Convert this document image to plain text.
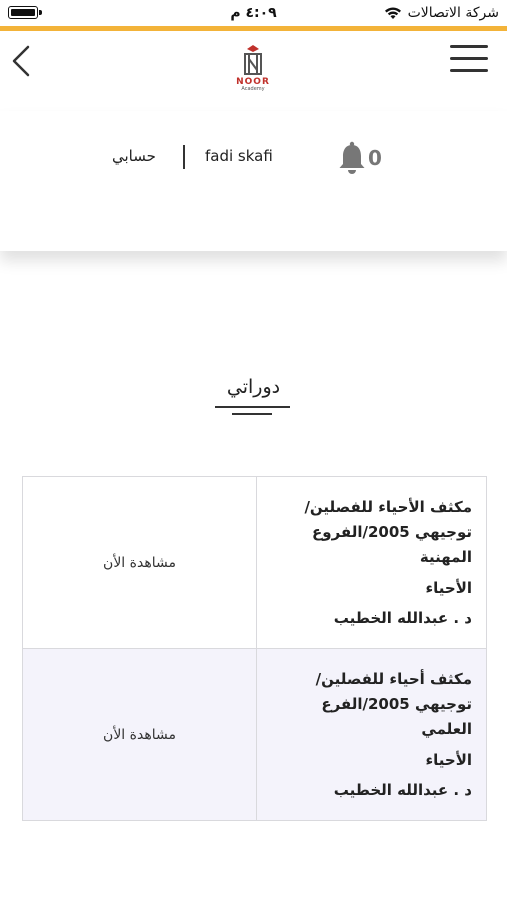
٤:٠٩ م	شركة الاتصالات
NOOR
Academy
حسابي	fadi skafi	0
دوراتي
مشاهدة الأن	مكثف الأحياء للفصلين/ توجيهي 2005/الفروع المهنية
الأحياء
د . عبدالله الخطيب

مشاهدة الأن	مكثف أحياء للفصلين/ توجيهي 2005/الفرع العلمي
الأحياء
د . عبدالله الخطيب
